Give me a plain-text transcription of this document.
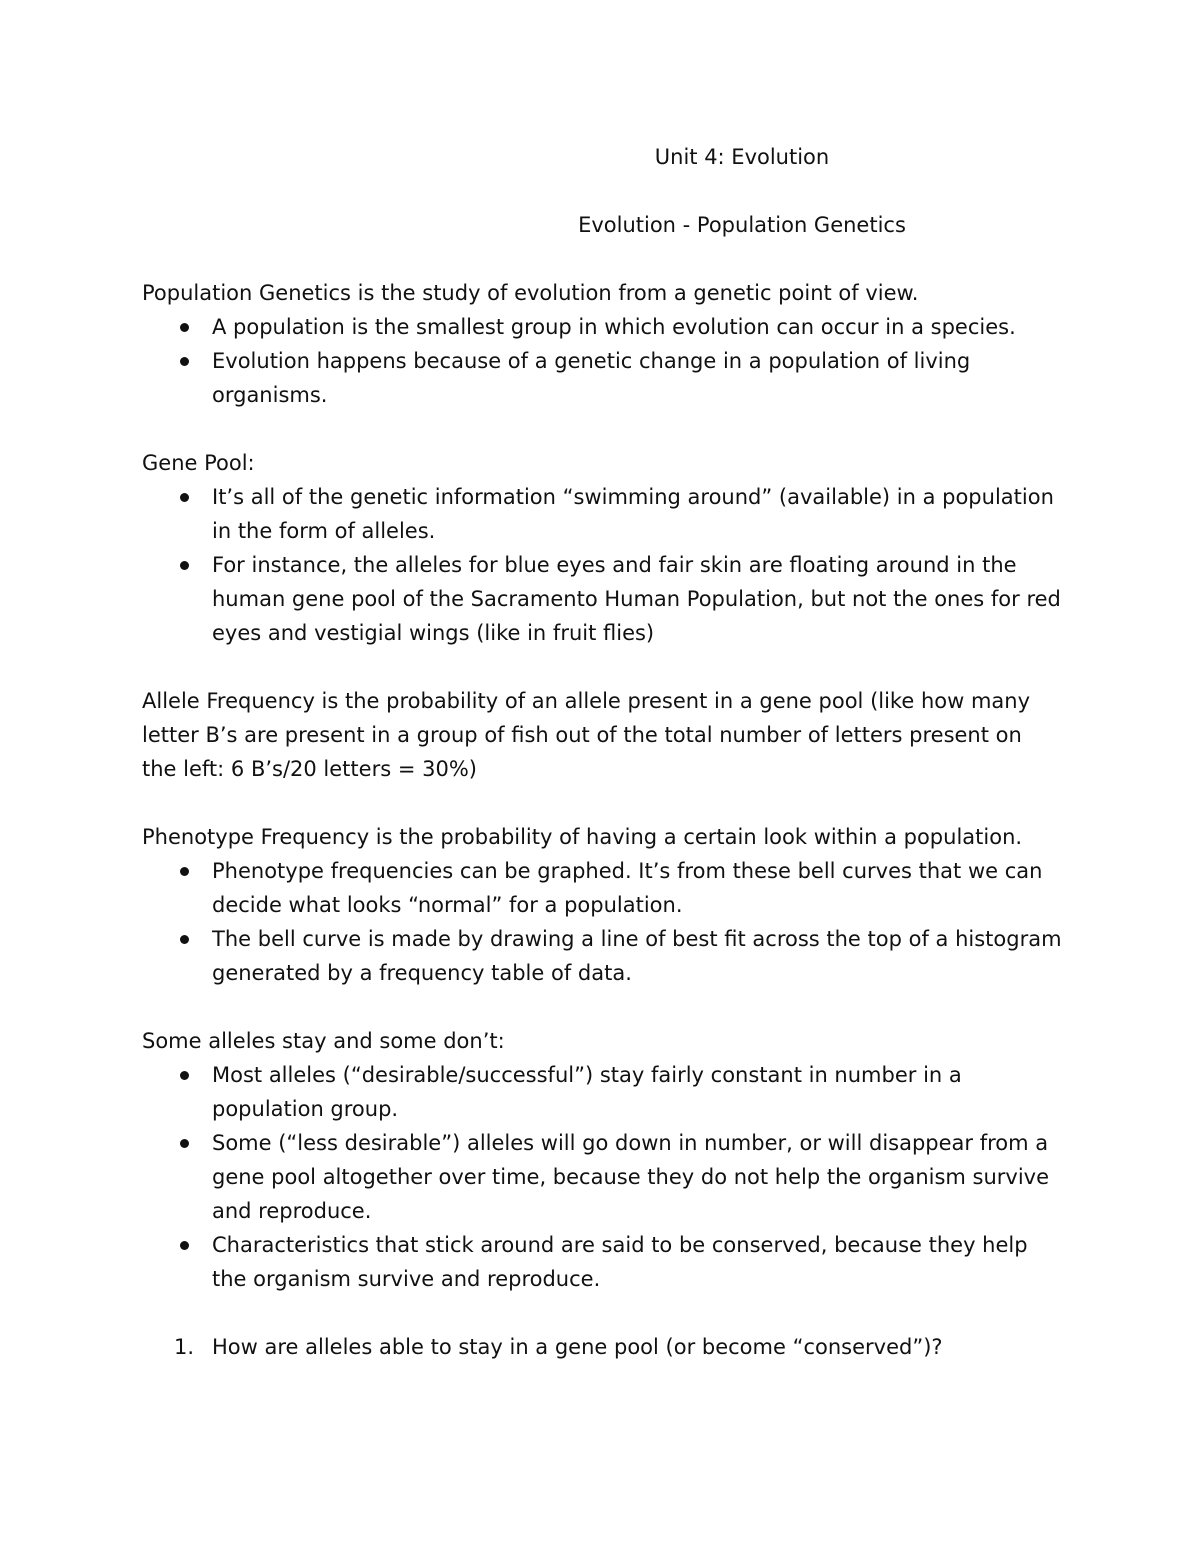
Unit 4: Evolution
Evolution - Population Genetics

Population Genetics is the study of evolution from a genetic point of view.

A population is the smallest group in which evolution can occur in a species.
Evolution happens because of a genetic change in a population of living organisms.

Gene Pool:

It’s all of the genetic information “swimming around” (available) in a population in the form of alleles.
For instance, the alleles for blue eyes and fair skin are floating around in the human gene pool of the Sacramento Human Population, but not the ones for red eyes and vestigial wings (like in fruit flies)

Allele Frequency is the probability of an allele present in a gene pool (like how many letter B’s are present in a group of fish out of the total number of letters present on the left: 6 B’s/20 letters = 30%)

Phenotype Frequency is the probability of having a certain look within a population.

Phenotype frequencies can be graphed. It’s from these bell curves that we can decide what looks “normal” for a population.
The bell curve is made by drawing a line of best fit across the top of a histogram generated by a frequency table of data.

Some alleles stay and some don’t:

Most alleles (“desirable/successful”) stay fairly constant in number in a population group.
Some (“less desirable”) alleles will go down in number, or will disappear from a gene pool altogether over time, because they do not help the organism survive and reproduce.
Characteristics that stick around are said to be conserved, because they help the organism survive and reproduce.
1. How are alleles able to stay in a gene pool (or become “conserved”)?
